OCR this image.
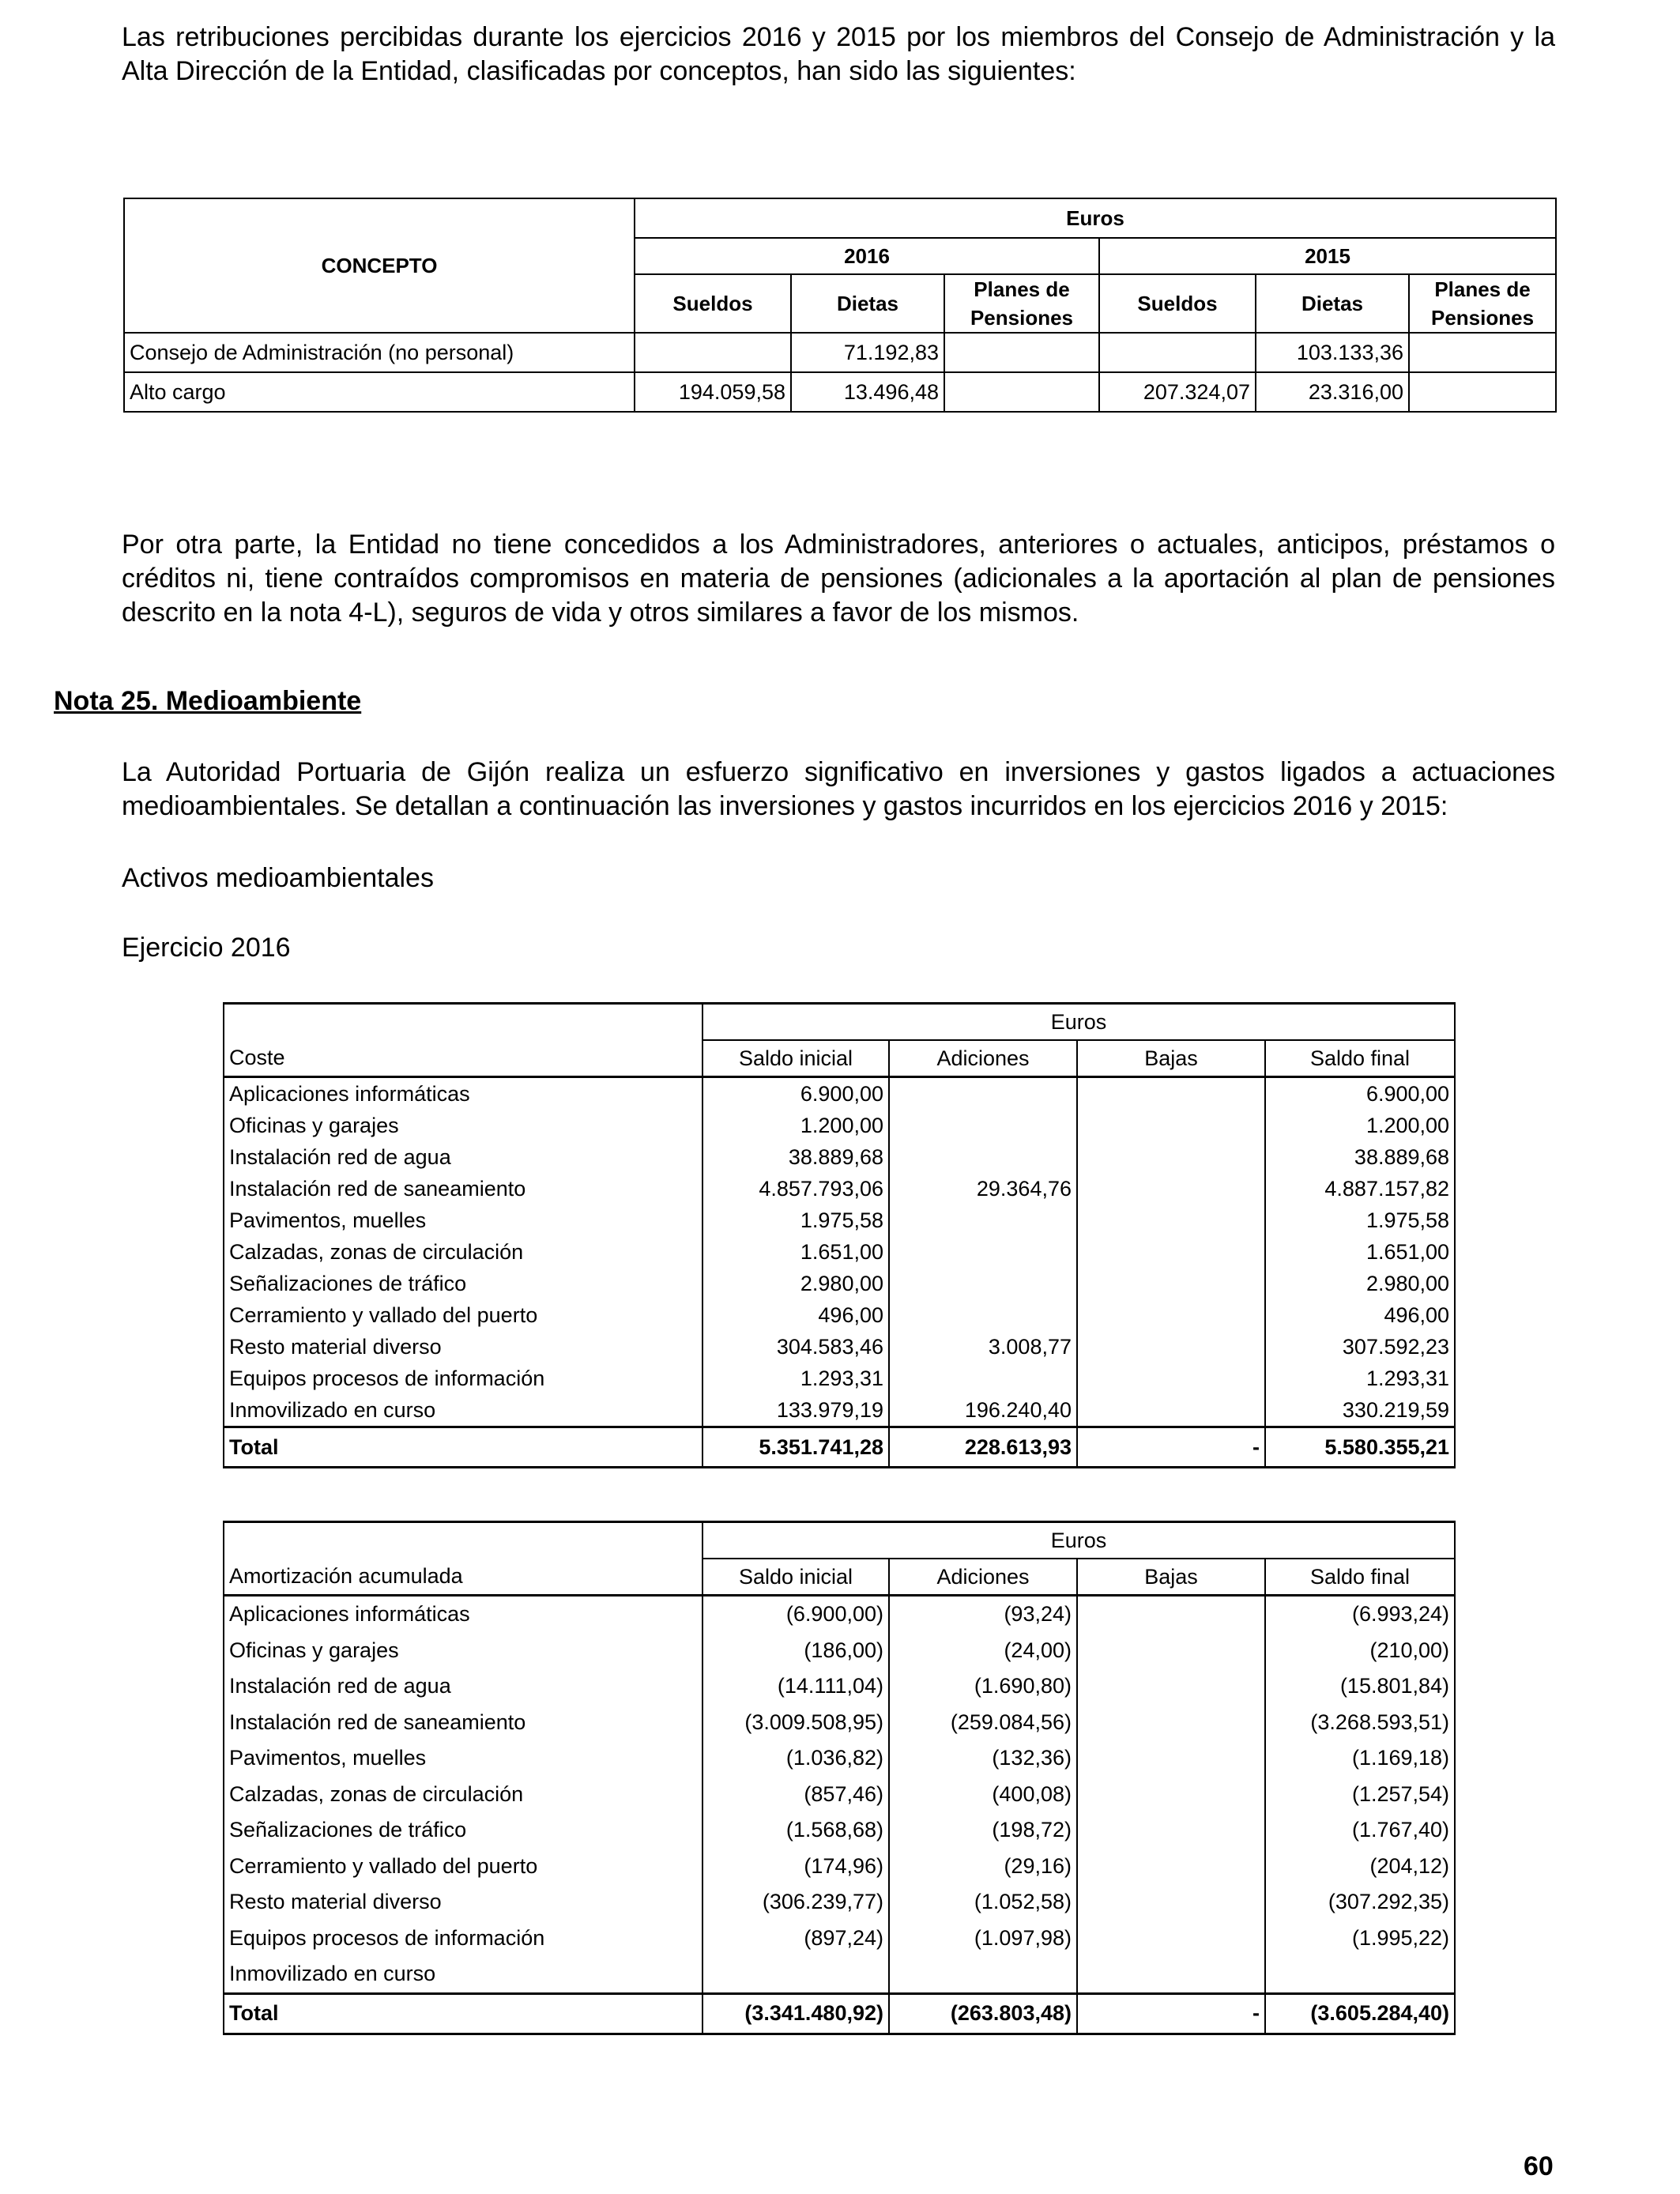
Las retribuciones percibidas durante los ejercicios 2016 y 2015 por los miembros del Consejo de Administración y la Alta Dirección de la Entidad, clasificadas por conceptos, han sido las siguientes:
CONCEPTO	Euros					
	2016			2015		
	Sueldos	Dietas	Planes de Pensiones	Sueldos	Dietas	Planes de Pensiones
Consejo de Administración (no personal)		71.192,83			103.133,36	
Alto cargo	194.059,58	13.496,48		207.324,07	23.316,00	
Por otra parte, la Entidad no tiene concedidos a los Administradores, anteriores o actuales, anticipos, préstamos o créditos ni, tiene contraídos compromisos en materia de pensiones (adicionales a la aportación al plan de pensiones descrito en la nota 4-L), seguros de vida y otros similares a favor de los mismos.
Nota 25. Medioambiente
La Autoridad Portuaria de Gijón realiza un esfuerzo significativo en inversiones y gastos ligados a actuaciones medioambientales. Se detallan a continuación las inversiones y gastos incurridos en los ejercicios 2016 y 2015:
Activos medioambientales
Ejercicio 2016
	Euros			
Coste	Saldo inicial	Adiciones	Bajas	Saldo final
Aplicaciones informáticas	6.900,00			6.900,00
Oficinas y garajes	1.200,00			1.200,00
Instalación red de agua	38.889,68			38.889,68
Instalación red de saneamiento	4.857.793,06	29.364,76		4.887.157,82
Pavimentos, muelles	1.975,58			1.975,58
Calzadas, zonas de circulación	1.651,00			1.651,00
Señalizaciones de tráfico	2.980,00			2.980,00
Cerramiento y vallado del puerto	496,00			496,00
Resto material diverso	304.583,46	3.008,77		307.592,23
Equipos procesos de información	1.293,31			1.293,31
Inmovilizado en curso	133.979,19	196.240,40		330.219,59
Total	5.351.741,28	228.613,93	-	5.580.355,21
	Euros			
Amortización acumulada	Saldo inicial	Adiciones	Bajas	Saldo final
Aplicaciones informáticas	(6.900,00)	(93,24)		(6.993,24)
Oficinas y garajes	(186,00)	(24,00)		(210,00)
Instalación red de agua	(14.111,04)	(1.690,80)		(15.801,84)
Instalación red de saneamiento	(3.009.508,95)	(259.084,56)		(3.268.593,51)
Pavimentos, muelles	(1.036,82)	(132,36)		(1.169,18)
Calzadas, zonas de circulación	(857,46)	(400,08)		(1.257,54)
Señalizaciones de tráfico	(1.568,68)	(198,72)		(1.767,40)
Cerramiento y vallado del puerto	(174,96)	(29,16)		(204,12)
Resto material diverso	(306.239,77)	(1.052,58)		(307.292,35)
Equipos procesos de información	(897,24)	(1.097,98)		(1.995,22)
Inmovilizado en curso				
Total	(3.341.480,92)	(263.803,48)	-	(3.605.284,40)
60
